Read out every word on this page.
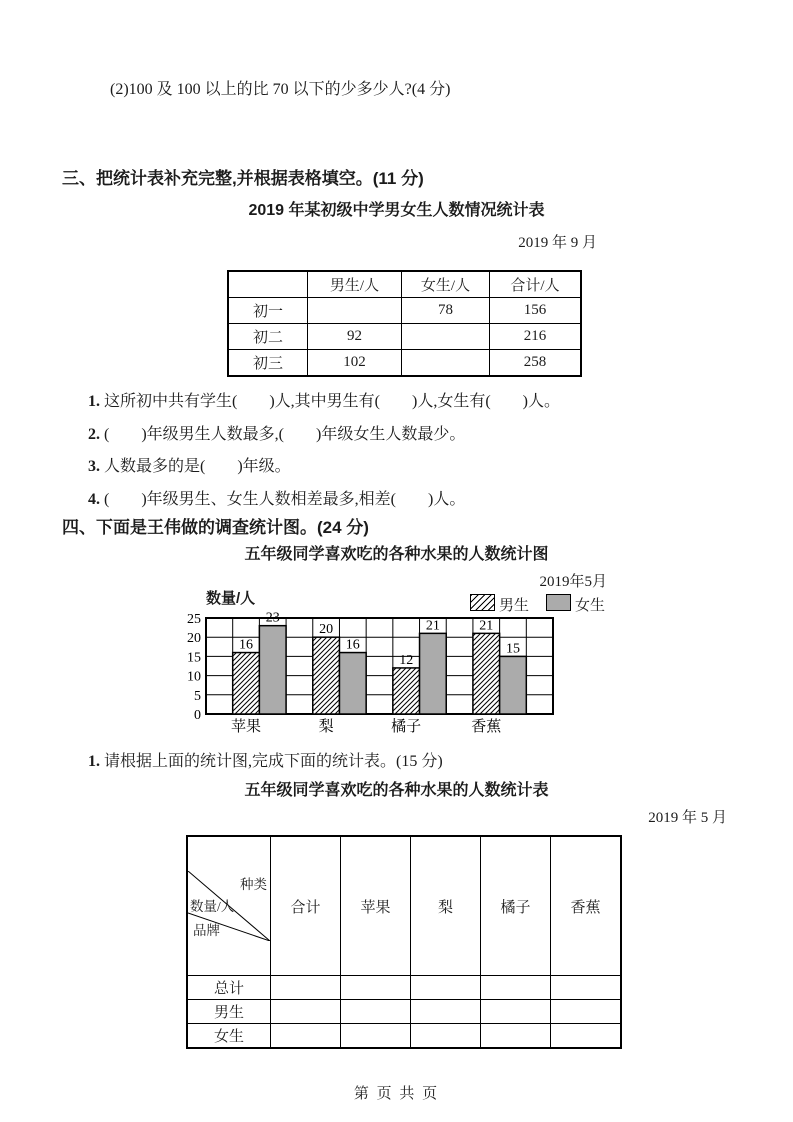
(2)100 及 100 以上的比 70 以下的少多少人?(4 分)
三、把统计表补充完整,并根据表格填空。(11 分)
2019 年某初级中学男女生人数情况统计表
2019 年 9 月
	男生/人	女生/人	合计/人
初一		78	156
初二	92		216
初三	102		258
1. 这所初中共有学生(　　)人,其中男生有(　　)人,女生有(　　)人。
2. (　　)年级男生人数最多,(　　)年级女生人数最少。
3. 人数最多的是(　　)年级。
4. (　　)年级男生、女生人数相差最多,相差(　　)人。
四、下面是王伟做的调查统计图。(24 分)
五年级同学喜欢吃的各种水果的人数统计图
2019年5月
男生	女生
数量/人
0
5
10
15
20
25
16
23
苹果
20
16
梨
12
21
橘子
21
15
香蕉
1. 请根据上面的统计图,完成下面的统计表。(15 分)
五年级同学喜欢吃的各种水果的人数统计表
2019 年 5 月

种类

数量/人

品牌	合计	苹果	梨	橘子	香蕉
总计					
男生					
女生					
第 页 共 页
